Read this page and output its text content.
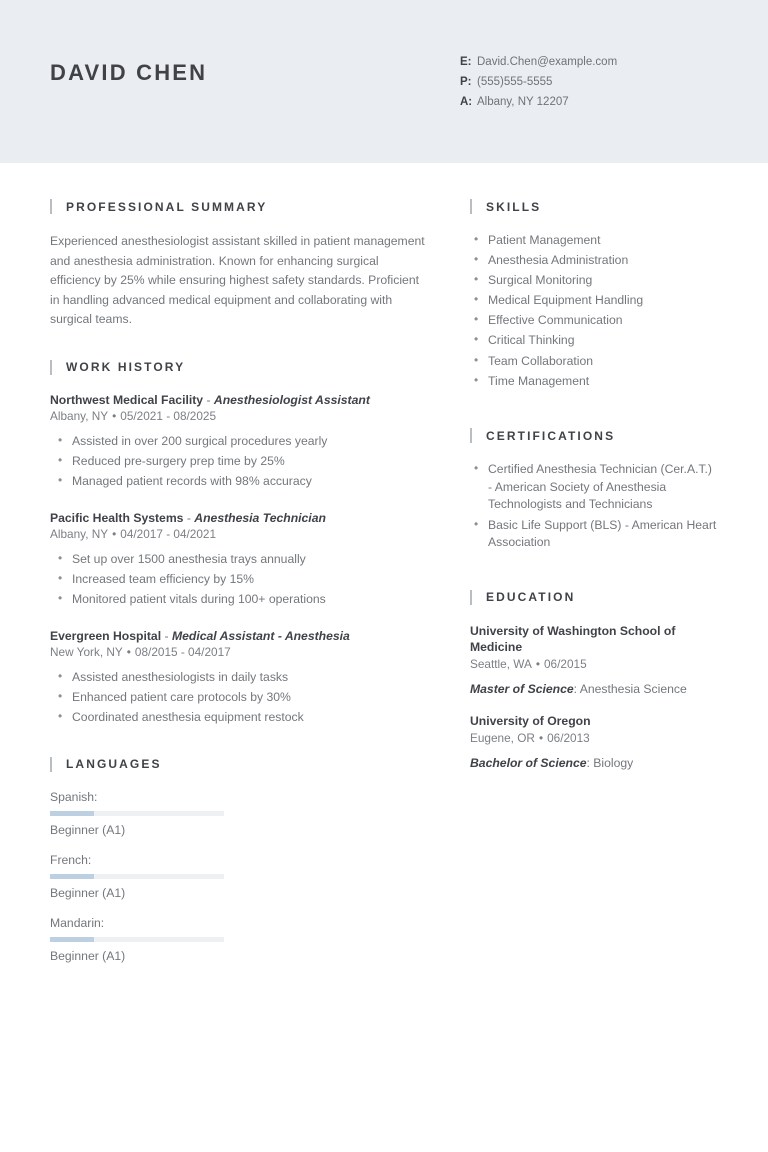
DAVID CHEN	E: David.Chen@example.com
P: (555)555-5555
A: Albany, NY 12207
PROFESSIONAL SUMMARY
Experienced anesthesiologist assistant skilled in patient management and anesthesia administration. Known for enhancing surgical efficiency by 25% while ensuring highest safety standards. Proficient in handling advanced medical equipment and collaborating with surgical teams.
WORK HISTORY
Northwest Medical Facility - Anesthesiologist Assistant
Albany, NY • 05/2021 - 08/2025
• Assisted in over 200 surgical procedures yearly
• Reduced pre-surgery prep time by 25%
• Managed patient records with 98% accuracy
Pacific Health Systems - Anesthesia Technician
Albany, NY • 04/2017 - 04/2021
• Set up over 1500 anesthesia trays annually
• Increased team efficiency by 15%
• Monitored patient vitals during 100+ operations
Evergreen Hospital - Medical Assistant - Anesthesia
New York, NY • 08/2015 - 04/2017
• Assisted anesthesiologists in daily tasks
• Enhanced patient care protocols by 30%
• Coordinated anesthesia equipment restock
LANGUAGES
Spanish:
Beginner (A1)
French:
Beginner (A1)
Mandarin:
Beginner (A1)
SKILLS
• Patient Management
• Anesthesia Administration
• Surgical Monitoring
• Medical Equipment Handling
• Effective Communication
• Critical Thinking
• Team Collaboration
• Time Management
CERTIFICATIONS
• Certified Anesthesia Technician (Cer.A.T.) - American Society of Anesthesia Technologists and Technicians
• Basic Life Support (BLS) - American Heart Association
EDUCATION
University of Washington School of Medicine
Seattle, WA • 06/2015
Master of Science: Anesthesia Science
University of Oregon
Eugene, OR • 06/2013
Bachelor of Science: Biology
